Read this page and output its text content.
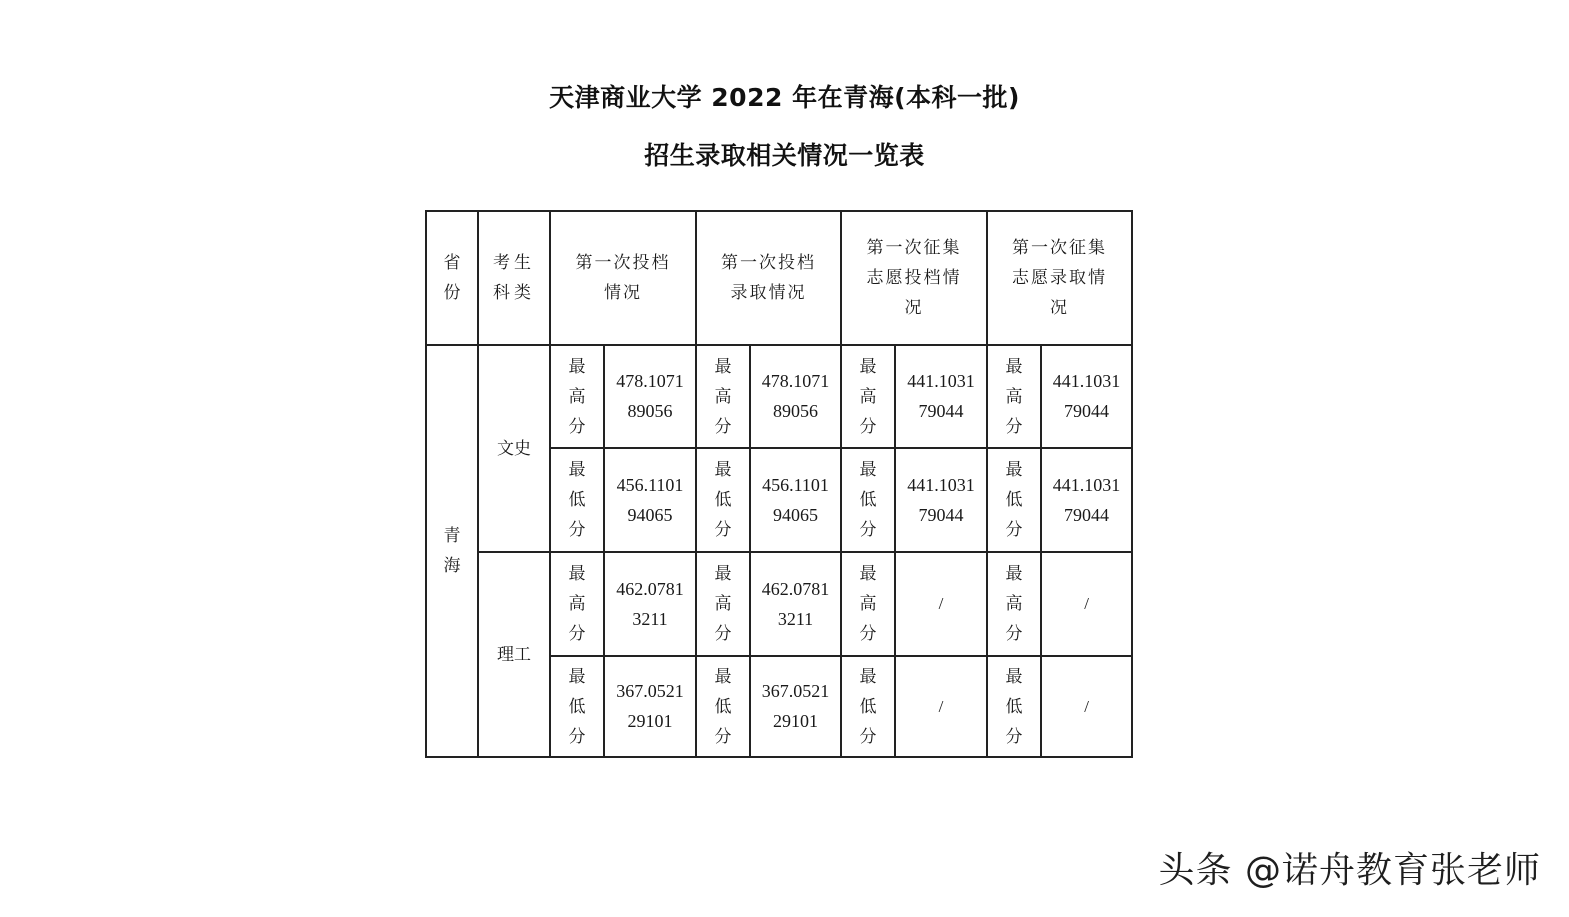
天津商业大学 2022 年在青海(本科一批)
招生录取相关情况一览表
省份	考生科类	第一次投档情况		第一次投档录取情况		第一次征集志愿投档情况		第一次征集志愿录取情况	
青海	文史	最高分	478.107189056	最高分	478.107189056	最高分	441.103179044	最高分	441.103179044
		最低分	456.110194065	最低分	456.110194065	最低分	441.103179044	最低分	441.103179044
	理工	最高分	462.07813211	最高分	462.07813211	最高分	/	最高分	/
		最低分	367.052129101	最低分	367.052129101	最低分	/	最低分	/
头条 @诺舟教育张老师
